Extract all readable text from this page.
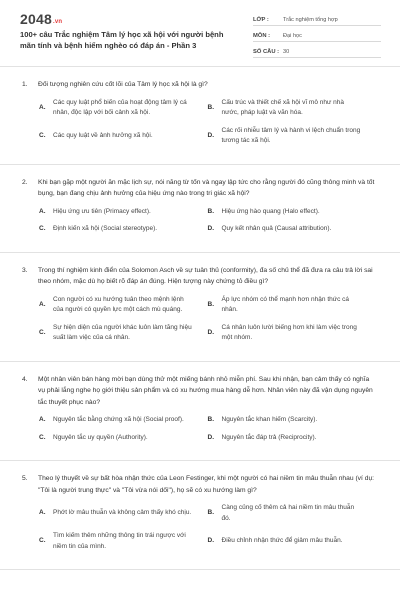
2048.vn
100+ câu Trắc nghiệm Tâm lý học xã hội với người bệnh mãn tính và bệnh hiểm nghèo có đáp án - Phần 3
LỚP :	Trắc nghiệm tổng hợp
MÔN :	Đại học
SỐ CÂU : 30
1.	Đối tượng nghiên cứu cốt lõi của Tâm lý học xã hội là gì?
A.
Các quy luật phổ biến của hoạt động tâm lý cá nhân, độc lập với bối cảnh xã hội.
B.
Cấu trúc và thiết chế xã hội vĩ mô như nhà nước, pháp luật và văn hóa.
C.	Các quy luật về ảnh hưởng xã hội.	D.
Các rối nhiễu tâm lý và hành vi lệch chuẩn trong tương tác xã hội.
2.	Khi bạn gặp một người ăn mặc lịch sự, nói năng từ tốn và ngay lập tức cho rằng người đó cũng thông minh và tốt bụng, bạn đang chịu ảnh hưởng của hiệu ứng nào trong tri giác xã hội?
A.	Hiệu ứng ưu tiên (Primacy effect).	B.	Hiệu ứng hào quang (Halo effect).
C.	Định kiến xã hội (Social stereotype).	D.	Quy kết nhân quả (Causal attribution).
3.	Trong thí nghiệm kinh điển của Solomon Asch về sự tuân thủ (conformity), đa số chủ thể đã đưa ra câu trả lời sai theo nhóm, mặc dù họ biết rõ đáp án đúng. Hiện tượng này chứng tỏ điều gì?
A.
Con người có xu hướng tuân theo mệnh lệnh của người có quyền lực một cách mù quáng.
B.
Áp lực nhóm có thể mạnh hơn nhận thức cá nhân.
C.
Sự hiện diện của người khác luôn làm tăng hiệu suất làm việc của cá nhân.
D.
Cá nhân luôn lười biếng hơn khi làm việc trong một nhóm.
4.	Một nhân viên bán hàng mời bạn dùng thử một miếng bánh nhỏ miễn phí. Sau khi nhận, bạn cảm thấy có nghĩa vụ phải lắng nghe họ giới thiệu sản phẩm và có xu hướng mua hàng dễ hơn. Nhân viên này đã vận dụng nguyên tắc thuyết phục nào?
A.	Nguyên tắc bằng chứng xã hội (Social proof).	B.	Nguyên tắc khan hiếm (Scarcity).
C.	Nguyên tắc uy quyền (Authority).	D.	Nguyên tắc đáp trả (Reciprocity).
5.	Theo lý thuyết về sự bất hòa nhận thức của Leon Festinger, khi một người có hai niềm tin mâu thuẫn nhau (ví dụ: "Tôi là người trung thực" và "Tôi vừa nói dối"), họ sẽ có xu hướng làm gì?
A.	Phớt lờ mâu thuẫn và không cảm thấy khó chịu.	B.
Càng củng cố thêm cả hai niềm tin mâu thuẫn đó.
C.
Tìm kiếm thêm những thông tin trái ngược với niềm tin của mình.
D.	Điều chỉnh nhận thức để giảm mâu thuẫn.
